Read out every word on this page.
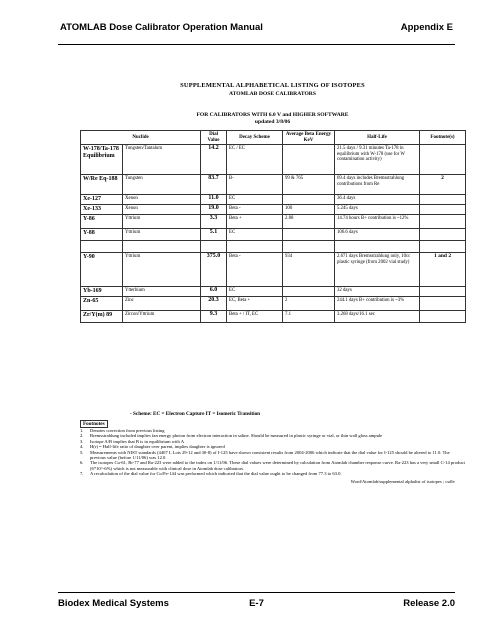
ATOMLAB Dose Calibrator Operation Manual	Appendix E
SUPPLEMENTAL ALPHABETICAL LISTING OF ISOTOPES
ATOMLAB DOSE CALIBRATORS
FOR CALIBRATORS WITH 6.0 V and HIGHER SOFTWARE
updated 3/8/06
Nuclide		Dial Value	Decay Scheme	Average Beta Energy KeV	Half-Life	Footnote(s)
W-178/Ta-178 Equilibrium	Tungsten/Tantalum	14.2	EC / EC		21.5 days / 9.31 minutes Ta-178 in equilibrium with W-178 (use for W contamination activity)	
W/Re Eq-188	Tungsten	83.7	B-	99 & 765	69.4 days includes Bremsstrahlung contributions from Re	2
Xe-127	Xenon	11.0	EC		36.4 days	
Xe-133	Xenon	19.0	Beta -	100	5.245 days	
Y-86	Yttrium	3.3	Beta +	2.88	14.74 hours B+ contribution is ~12%	
Y-88	Yttrium	5.1	EC		106.6 days	

Y-90	Yttrium	375.0	Beta -	934	2.671 days Bremsstrahlung only, 10cc plastic syringe (from 2002 vial study)	1 and 2
Yb-169	Ytterbium	6.0	EC		32 days	
Zn-65	Zinc	20.3	EC, Beta +	2	244.1 days B+ contribution is ~3%	
Zr/Y(m) 89	Zircon/Yttrium	9.3	Beta + / IT, EC	7.1	3.268 days/16.1 sec	
- Scheme: EC = Electron Capture IT = Isomeric Transition
Footnotes
1.	Denotes correction from previous listing
2.	Bremsstrahlung included implies fan energy photon from electron interaction in saline. Should be measured in plastic syringe or vial, or thin wall glass ampule
3.	Isotope A/B implies that B is in equilibrium with A
4.	H(r) = Half-life ratio of daughter over parent, implies daughter is ignored
5.	Measurements with NIST standards (4407 L Lots 29-12 and 30-8) of I-125 have shown consistent results from 2004-2006 which indicate that the dial value for I-125 should be altered to 11.0. The previous value (before 1/11/06) was 12.0.
6.	The isotopes Cu-61, Br-77 and Ra-223 were added to the index on 1/11/06. These dial values were determined by calculation from Atomlab chamber response curve. Ra-223 has a very small C-14 product (6*10^-6%) which is not measurable with clinical dose in Atomlab dose calibrators.
7.	A recalculation of the dial value for Co/Fe-144 was performed which indicated that the dial value ought to be changed from 77.3 to 63.0.
Word/Atomlab/supplemental alphalist of isotopes ; csdlv
Biodex Medical Systems	E-7	Release 2.0
